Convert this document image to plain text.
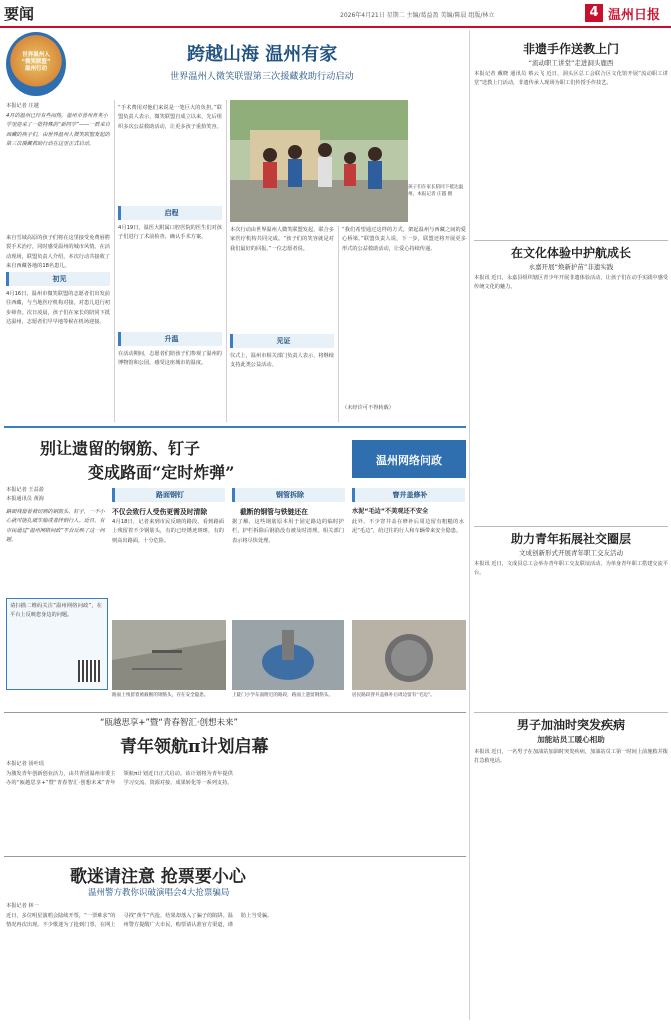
要闻	2026年4月21日 星期二 主编/葛益盈 美编/陈晨 组版/林立	4 温州日报
世界温州人
“微笑联盟”
温州行动
跨越山海 温州有家
世界温州人微笑联盟第三次援藏救助行动启动
本报记者 庄越
4月的温州已经有些闷热，温州市善州育英小学里迎来了一批特殊的“新同学”——一群来自西藏的孩子们。由世界温州人微笑联盟发起的第三次援藏救助行动在这里正式启动。
来自雪域高原的孩子们将在这里接受免费唇腭裂手术治疗，同时感受温州的城市风情。在活动现场，联盟负责人介绍，本次行动共接收了来自西藏各地的18名患儿。
初见
4月16日，温州市微笑联盟的志愿者们出发前往西藏，与当地医疗机构对接，对患儿进行初步筛查。次日凌晨，孩子们在家长的陪同下抵达温州，志愿者们早早地等候在机场迎接。
“手术费用对他们来说是一笔巨大的负担。”联盟负责人表示，微笑联盟自成立以来，先后组织多次公益救助活动，让更多孩子重拾笑容。
启程
4月19日，温医大附属口腔医院的医生们对孩子们进行了术前检查，确认手术方案。
升温
在活动期间，志愿者们陪孩子们参观了温州的博物馆和公园，感受这座城市的温度。
孩子们在家长陪同下抵达温州。本报记者 庄越 摄
本次行动由世界温州人微笑联盟发起，联合多家医疗机构共同完成。“孩子们的笑容就是对我们最好的回报。”一位志愿者说。
见证
仪式上，温州市相关部门负责人表示，将继续支持此类公益活动。
“我们希望通过这样的方式，架起温州与西藏之间的爱心桥梁。”联盟负责人说，下一步，联盟还将开展更多形式的公益救助活动，让爱心持续传递。
（未经许可不得转载）
别让遗留的钢筋、钉子
变成路面“定时炸弹”
温州网络问政
本报记者 王益盈
本报通讯员 黄海
路面残留着被切割的钢筋头、钉子，一不小心就可能扎破车胎或者绊倒行人。近日，有市民通过“温州网络问政”平台反映了这一问题。
请扫描二维码关注“温州网络问政”，在平台上反映您身边的问题。
路面钢钉
不仅会致行人受伤更需及时清除
4月18日，记者来到市民反映的路段，看到路面上残留着不少钢筋头，有的已经锈迹斑斑，有的则高出路面，十分危险。
钢管拆除
截断的钢管与铁链还在
据了解，这些钢筋原本用于固定路边的临时护栏，护栏拆除后钢筋没有被及时清理。相关部门表示将尽快处理。
窨井盖修补
水泥“毛边”不美观还不安全
此外，不少窨井盖在修补后周边留有粗糙的水泥“毛边”，给过往的行人和车辆带来安全隐患。
路面上残留着被截断的钢筋头，存在安全隐患。	上陡门小学东面附近的路段，路面上遗留钢筋头。	居民路段窨井盖修补后周边留有“毛边”。
“瓯越思享+”暨“青春智汇·创想未来”
青年领航π计划启幕
本报记者 汤叶瑶
为激发青年创新创业活力，由共青团温州市委主办的“瓯越思享+”暨“青春智汇·创想未来”青年领航π计划近日正式启动。该计划将为青年提供学习交流、资源对接、成果转化等一系列支持。
歌迷请注意 抢票要小心
温州警方教你识破演唱会4大抢票骗局
本报记者 林一
近日，多位明星演唱会陆续开票，“一票难求”的情况再次出现。不少歌迷为了抢到门票，在网上寻找“黄牛”代抢，结果却落入了骗子的陷阱。温州警方提醒广大市民，购票请认准官方渠道，谨防上当受骗。
非遗手作送教上门
“流动职工讲堂”走进洞头鹿西
本报记者 戴晓 通讯员 蔡云飞 近日，洞头区总工会联合区文化馆开展“流动职工讲堂”送教上门活动，非遗传承人现场为职工们传授手作技艺。
在文化体验中护航成长
永嘉开展“焕新护苗”非遗实践
本报讯 近日，永嘉县组织辖区青少年开展非遗体验活动，让孩子们在动手实践中感受传统文化的魅力。
助力青年拓展社交圈层
文成创新形式开展青年职工交友活动
本报讯 近日，文成县总工会举办青年职工交友联谊活动，为单身青年职工搭建交流平台。
男子加油时突发疾病
加能站员工暖心相助
本报讯 近日，一名男子在加油站加油时突发疾病，加油站员工第一时间上前施救并拨打急救电话。
